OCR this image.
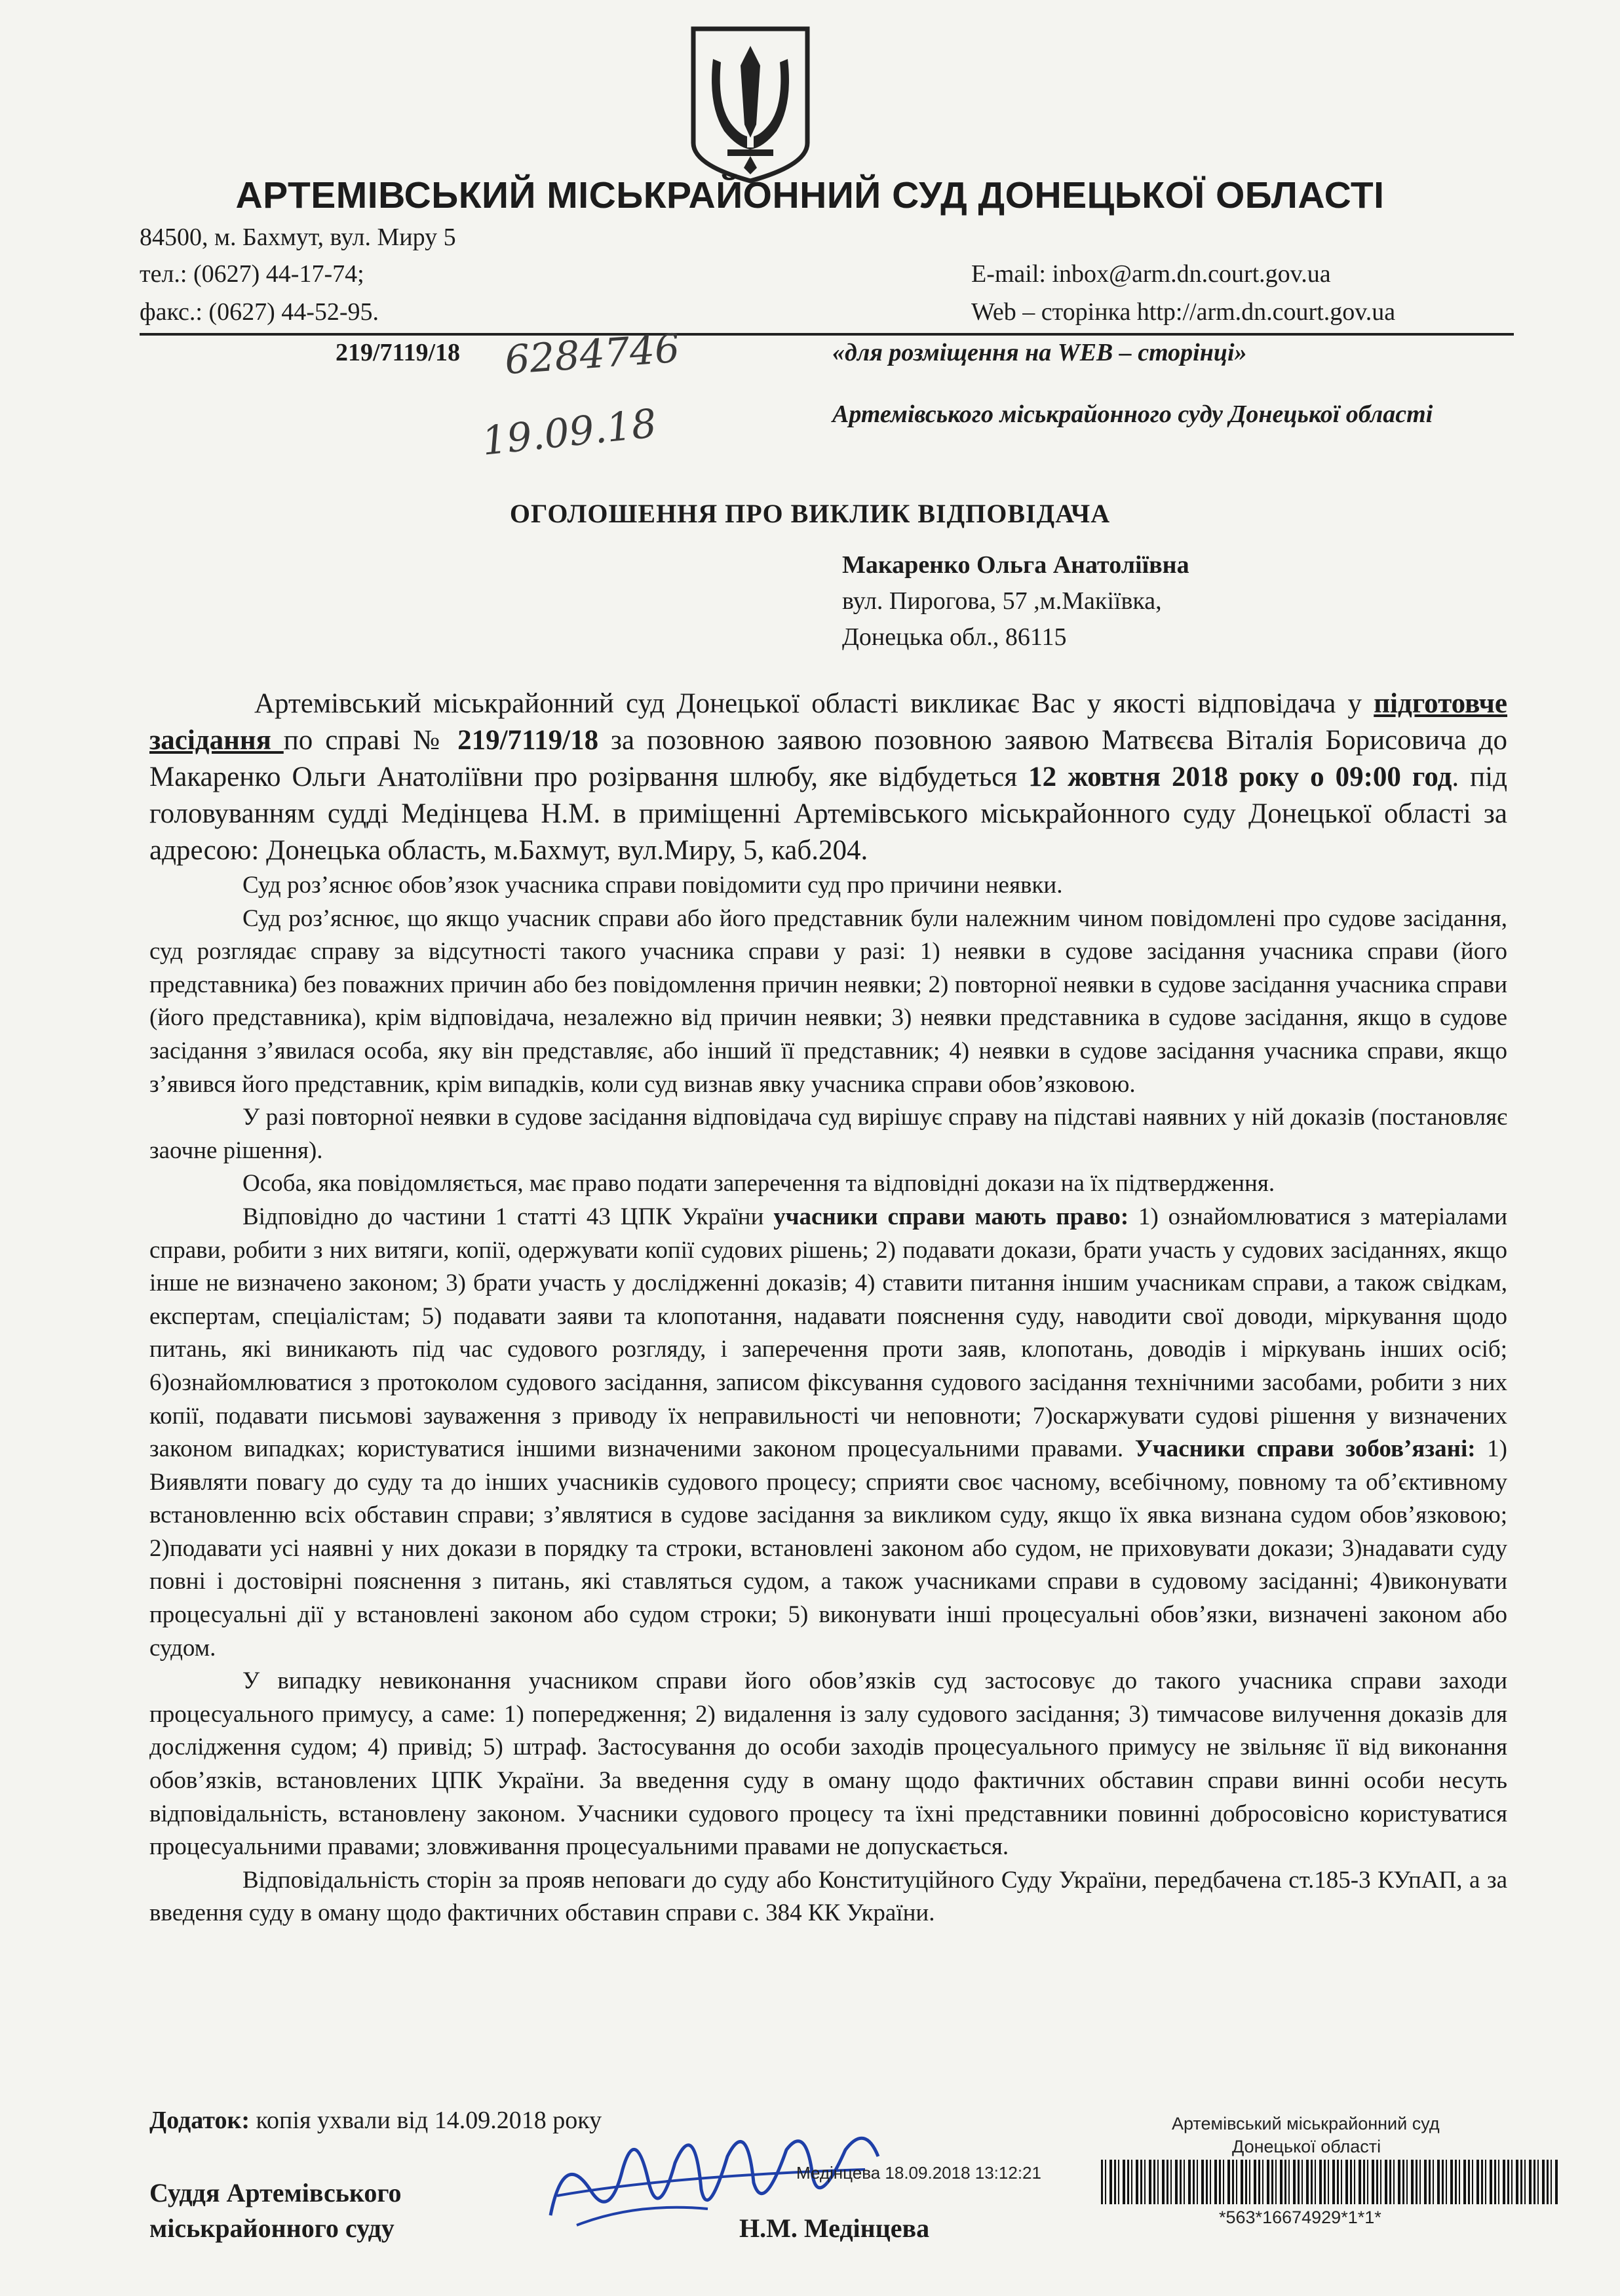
АРТЕМІВСЬКИЙ МІСЬКРАЙОННИЙ СУД ДОНЕЦЬКОЇ ОБЛАСТІ
84500, м. Бахмут, вул. Миру 5
тел.: (0627) 44-17-74;
факс.: (0627) 44-52-95.
E-mail: inbox@arm.dn.court.gov.ua
Web – сторінка http://arm.dn.court.gov.ua
219/7119/18 6284746
19.09.18
«для розміщення на WEB – сторінці»
Артемівського міськрайонного суду Донецької області
ОГОЛОШЕННЯ ПРО ВИКЛИК ВІДПОВІДАЧА
Макаренко Ольга Анатоліївна
вул. Пирогова, 57 ,м.Макіївка,
Донецька обл., 86115

Артемівський міськрайонний суд Донецької області викликає Вас у якості відповідача у підготовче засідання по справі № 219/7119/18 за позовною заявою позовною заявою Матвєєва Віталія Борисовича до Макаренко Ольги Анатоліївни про розірвання шлюбу, яке відбудеться 12 жовтня 2018 року о 09:00 год. під головуванням судді Медінцева Н.М. в приміщенні Артемівського міськрайонного суду Донецької області за адресою: Донецька область, м.Бахмут, вул.Миру, 5, каб.204.

Суд роз’яснює обов’язок учасника справи повідомити суд про причини неявки.

Суд роз’яснює, що якщо учасник справи або його представник були належним чином повідомлені про судове засідання, суд розглядає справу за відсутності такого учасника справи у разі: 1) неявки в судове засідання учасника справи (його представника) без поважних причин або без повідомлення причин неявки; 2) повторної неявки в судове засідання учасника справи (його представника), крім відповідача, незалежно від причин неявки; 3) неявки представника в судове засідання, якщо в судове засідання з’явилася особа, яку він представляє, або інший її представник; 4) неявки в судове засідання учасника справи, якщо з’явився його представник, крім випадків, коли суд визнав явку учасника справи обов’язковою.

У разі повторної неявки в судове засідання відповідача суд вирішує справу на підставі наявних у ній доказів (постановляє заочне рішення).

Особа, яка повідомляється, має право подати заперечення та відповідні докази на їх підтвердження.

Відповідно до частини 1 статті 43 ЦПК України учасники справи мають право: 1) ознайомлюватися з матеріалами справи, робити з них витяги, копії, одержувати копії судових рішень; 2) подавати докази, брати участь у судових засіданнях, якщо інше не визначено законом; 3) брати участь у дослідженні доказів; 4) ставити питання іншим учасникам справи, а також свідкам, експертам, спеціалістам; 5) подавати заяви та клопотання, надавати пояснення суду, наводити свої доводи, міркування щодо питань, які виникають під час судового розгляду, і заперечення проти заяв, клопотань, доводів і міркувань інших осіб; 6)ознайомлюватися з протоколом судового засідання, записом фіксування судового засідання технічними засобами, робити з них копії, подавати письмові зауваження з приводу їх неправильності чи неповноти; 7)оскаржувати судові рішення у визначених законом випадках; користуватися іншими визначеними законом процесуальними правами. Учасники справи зобов’язані: 1) Виявляти повагу до суду та до інших учасників судового процесу; сприяти своє часному, всебічному, повному та об’єктивному встановленню всіх обставин справи; з’являтися в судове засідання за викликом суду, якщо їх явка визнана судом обов’язковою; 2)подавати усі наявні у них докази в порядку та строки, встановлені законом або судом, не приховувати докази; 3)надавати суду повні і достовірні пояснення з питань, які ставляться судом, а також учасниками справи в судовому засіданні; 4)виконувати процесуальні дії у встановлені законом або судом строки; 5) виконувати інші процесуальні обов’язки, визначені законом або судом.

У випадку невиконання учасником справи його обов’язків суд застосовує до такого учасника справи заходи процесуального примусу, а саме: 1) попередження; 2) видалення із залу судового засідання; 3) тимчасове вилучення доказів для дослідження судом; 4) привід; 5) штраф. Застосування до особи заходів процесуального примусу не звільняє її від виконання обов’язків, встановлених ЦПК України. За введення суду в оману щодо фактичних обставин справи винні особи несуть відповідальність, встановлену законом. Учасники судового процесу та їхні представники повинні добросовісно користуватися процесуальними правами; зловживання процесуальними правами не допускається.

Відповідальність сторін за прояв неповаги до суду або Конституційного Суду України, передбачена ст.185-3 КУпАП, а за введення суду в оману щодо фактичних обставин справи с. 384 КК України.

Додаток: копія ухвали від 14.09.2018 року
Суддя Артемівського
міськрайонного суду	Н.М. Медінцева
Артемівський міськрайонний суд
Донецької області
Медінцева 18.09.2018 13:12:21
*563*16674929*1*1*
